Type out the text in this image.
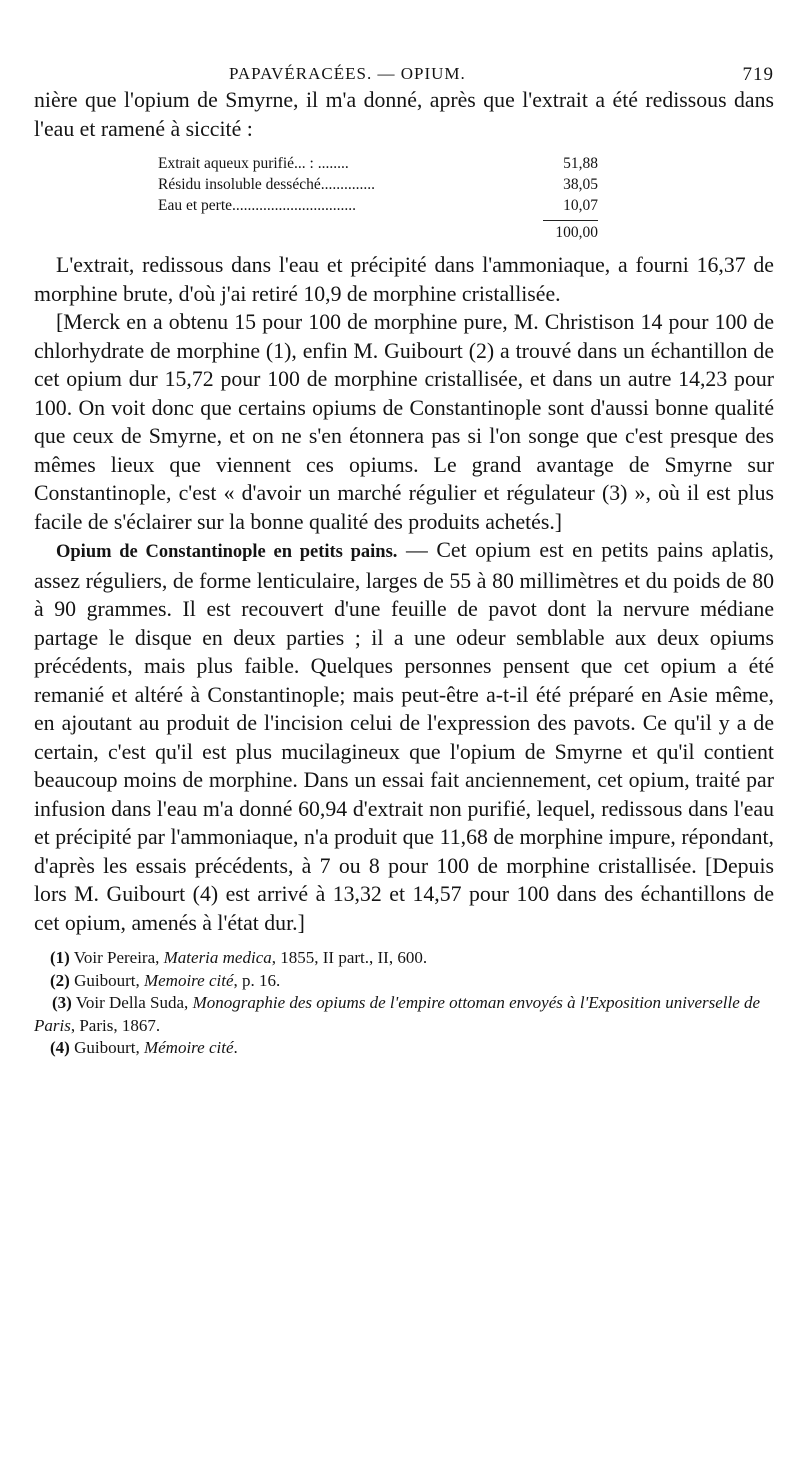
PAPAVÉRACÉES. — OPIUM.	719

nière que l'opium de Smyrne, il m'a donné, après que l'extrait a été redissous dans l'eau et ramené à siccité :

Extrait aqueux purifié... : ........	51,88
Résidu insoluble desséché..............	38,05
Eau et perte................................	10,07
100,00

L'extrait, redissous dans l'eau et précipité dans l'ammoniaque, a fourni 16,37 de morphine brute, d'où j'ai retiré 10,9 de morphine cristallisée.

[Merck en a obtenu 15 pour 100 de morphine pure, M. Christison 14 pour 100 de chlorhydrate de morphine (1), enfin M. Guibourt (2) a trouvé dans un échantillon de cet opium dur 15,72 pour 100 de morphine cristallisée, et dans un autre 14,23 pour 100. On voit donc que certains opiums de Constantinople sont d'aussi bonne qualité que ceux de Smyrne, et on ne s'en étonnera pas si l'on songe que c'est presque des mêmes lieux que viennent ces opiums. Le grand avantage de Smyrne sur Constantinople, c'est « d'avoir un marché régulier et régulateur (3) », où il est plus facile de s'éclairer sur la bonne qualité des produits achetés.]

Opium de Constantinople en petits pains. — Cet opium est en petits pains aplatis, assez réguliers, de forme lenticulaire, larges de 55 à 80 millimètres et du poids de 80 à 90 grammes. Il est recouvert d'une feuille de pavot dont la nervure médiane partage le disque en deux parties ; il a une odeur semblable aux deux opiums précédents, mais plus faible. Quelques personnes pensent que cet opium a été remanié et altéré à Constantinople; mais peut-être a-t-il été préparé en Asie même, en ajoutant au produit de l'incision celui de l'expression des pavots. Ce qu'il y a de certain, c'est qu'il est plus mucilagineux que l'opium de Smyrne et qu'il contient beaucoup moins de morphine. Dans un essai fait anciennement, cet opium, traité par infusion dans l'eau m'a donné 60,94 d'extrait non purifié, lequel, redissous dans l'eau et précipité par l'ammoniaque, n'a produit que 11,68 de morphine impure, répondant, d'après les essais précédents, à 7 ou 8 pour 100 de morphine cristallisée. [Depuis lors M. Guibourt (4) est arrivé à 13,32 et 14,57 pour 100 dans des échantillons de cet opium, amenés à l'état dur.]

(1) Voir Pereira, Materia medica, 1855, II part., II, 600.
(2) Guibourt, Memoire cité, p. 16.
(3) Voir Della Suda, Monographie des opiums de l'empire ottoman envoyés à l'Exposition universelle de Paris, Paris, 1867.
(4) Guibourt, Mémoire cité.
